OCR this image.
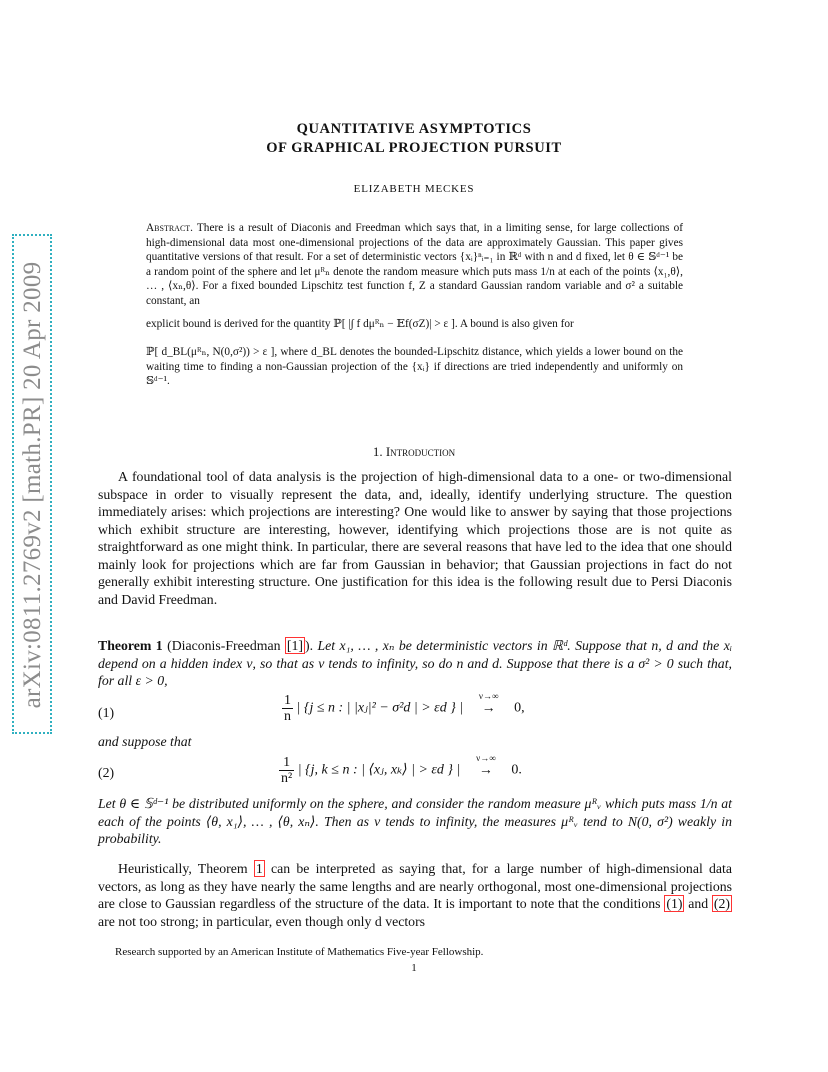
arXiv:0811.2769v2 [math.PR] 20 Apr 2009
QUANTITATIVE ASYMPTOTICS
OF GRAPHICAL PROJECTION PURSUIT
ELIZABETH MECKES
Abstract. There is a result of Diaconis and Freedman which says that, in a limiting sense, for large collections of high-dimensional data most one-dimensional projections of the data are approximately Gaussian. This paper gives quantitative versions of that result. For a set of deterministic vectors {xᵢ}ⁿᵢ₌₁ in ℝᵈ with n and d fixed, let θ ∈ 𝕊ᵈ⁻¹ be a random point of the sphere and let μᴿₙ denote the random measure which puts mass 1/n at each of the points ⟨x₁,θ⟩, … , ⟨xₙ,θ⟩. For a fixed bounded Lipschitz test function f, Z a standard Gaussian random variable and σ² a suitable constant, an
explicit bound is derived for the quantity ℙ[ |∫ f dμᴿₙ − 𝔼f(σZ)| > ε ]. A bound is also given for
ℙ[ d_BL(μᴿₙ, N(0,σ²)) > ε ], where d_BL denotes the bounded-Lipschitz distance, which yields a lower bound on the waiting time to finding a non-Gaussian projection of the {xᵢ} if directions are tried independently and uniformly on 𝕊ᵈ⁻¹.
1. Introduction
A foundational tool of data analysis is the projection of high-dimensional data to a one- or two-dimensional subspace in order to visually represent the data, and, ideally, identify underlying structure. The question immediately arises: which projections are interesting? One would like to answer by saying that those projections which exhibit structure are interesting, however, identifying which projections those are is not quite as straightforward as one might think. In particular, there are several reasons that have led to the idea that one should mainly look for projections which are far from Gaussian in behavior; that Gaussian projections in fact do not generally exhibit interesting structure. One justification for this idea is the following result due to Persi Diaconis and David Freedman.
Theorem 1 (Diaconis-Freedman [1] ). Let x₁, … , xₙ be deterministic vectors in ℝᵈ. Suppose that n, d and the xᵢ depend on a hidden index ν, so that as ν tends to infinity, so do n and d. Suppose that there is a σ² > 0 such that, for all ε > 0,
(1)	$\frac{1}{n}$ | {j ≤ n : | |xⱼ|² − σ²d | > εd } |
ν→∞
→ 0,
and suppose that
(2)	$\frac{1}{\text{n²}}$ | {j, k ≤ n : | ⟨xⱼ, xₖ⟩ | > εd } |
ν→∞
→ 0.
Let θ ∈ 𝕊ᵈ⁻¹ be distributed uniformly on the sphere, and consider the random measure μᴿᵥ which puts mass 1/n at each of the points ⟨θ, x₁⟩, … , ⟨θ, xₙ⟩. Then as ν tends to infinity, the measures μᴿᵥ tend to N(0, σ²) weakly in probability.
Heuristically, Theorem 1 can be interpreted as saying that, for a large number of high-dimensional data vectors, as long as they have nearly the same lengths and are nearly orthogonal, most one-dimensional projections are close to Gaussian regardless of the structure of the data. It is important to note that the conditions (1) and (2) are not too strong; in particular, even though only d vectors
Research supported by an American Institute of Mathematics Five-year Fellowship.
1
